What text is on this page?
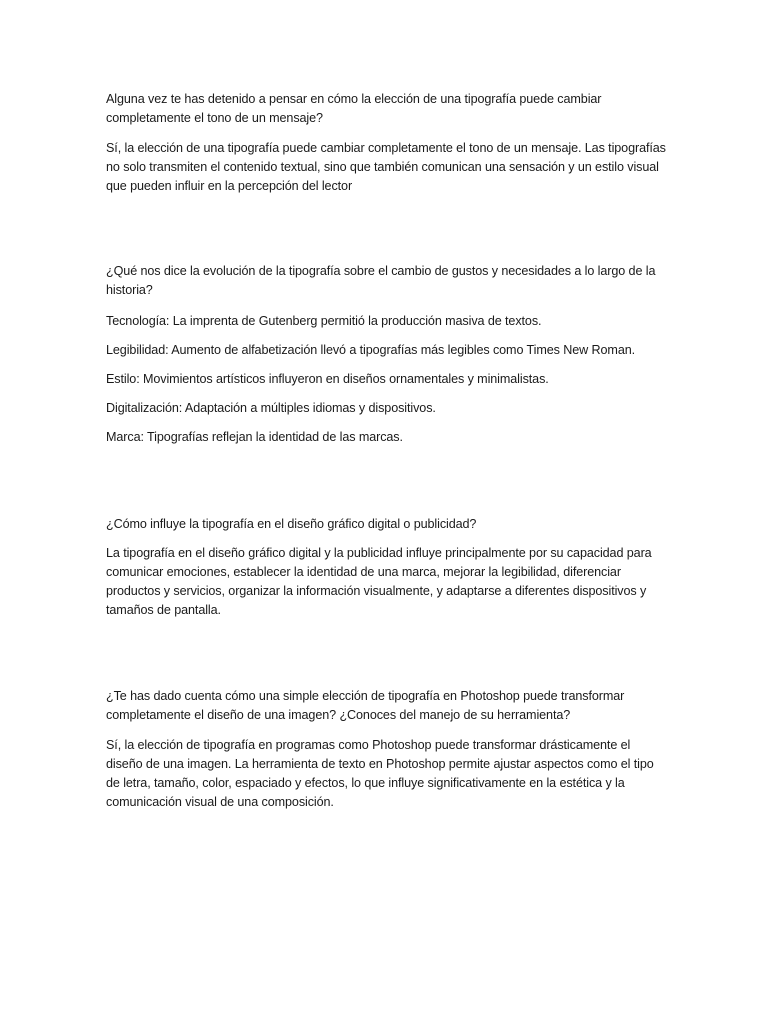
Alguna vez te has detenido a pensar en cómo la elección de una tipografía puede cambiar completamente el tono de un mensaje?

Sí, la elección de una tipografía puede cambiar completamente el tono de un mensaje. Las tipografías no solo transmiten el contenido textual, sino que también comunican una sensación y un estilo visual que pueden influir en la percepción del lector

¿Qué nos dice la evolución de la tipografía sobre el cambio de gustos y necesidades a lo largo de la historia?

Tecnología: La imprenta de Gutenberg permitió la producción masiva de textos.

Legibilidad: Aumento de alfabetización llevó a tipografías más legibles como Times New Roman.

Estilo: Movimientos artísticos influyeron en diseños ornamentales y minimalistas.

Digitalización: Adaptación a múltiples idiomas y dispositivos.

Marca: Tipografías reflejan la identidad de las marcas.

¿Cómo influye la tipografía en el diseño gráfico digital o publicidad?

La tipografía en el diseño gráfico digital y la publicidad influye principalmente por su capacidad para comunicar emociones, establecer la identidad de una marca, mejorar la legibilidad, diferenciar productos y servicios, organizar la información visualmente, y adaptarse a diferentes dispositivos y tamaños de pantalla.

¿Te has dado cuenta cómo una simple elección de tipografía en Photoshop puede transformar completamente el diseño de una imagen? ¿Conoces del manejo de su herramienta?

Sí, la elección de tipografía en programas como Photoshop puede transformar drásticamente el diseño de una imagen. La herramienta de texto en Photoshop permite ajustar aspectos como el tipo de letra, tamaño, color, espaciado y efectos, lo que influye significativamente en la estética y la comunicación visual de una composición.
